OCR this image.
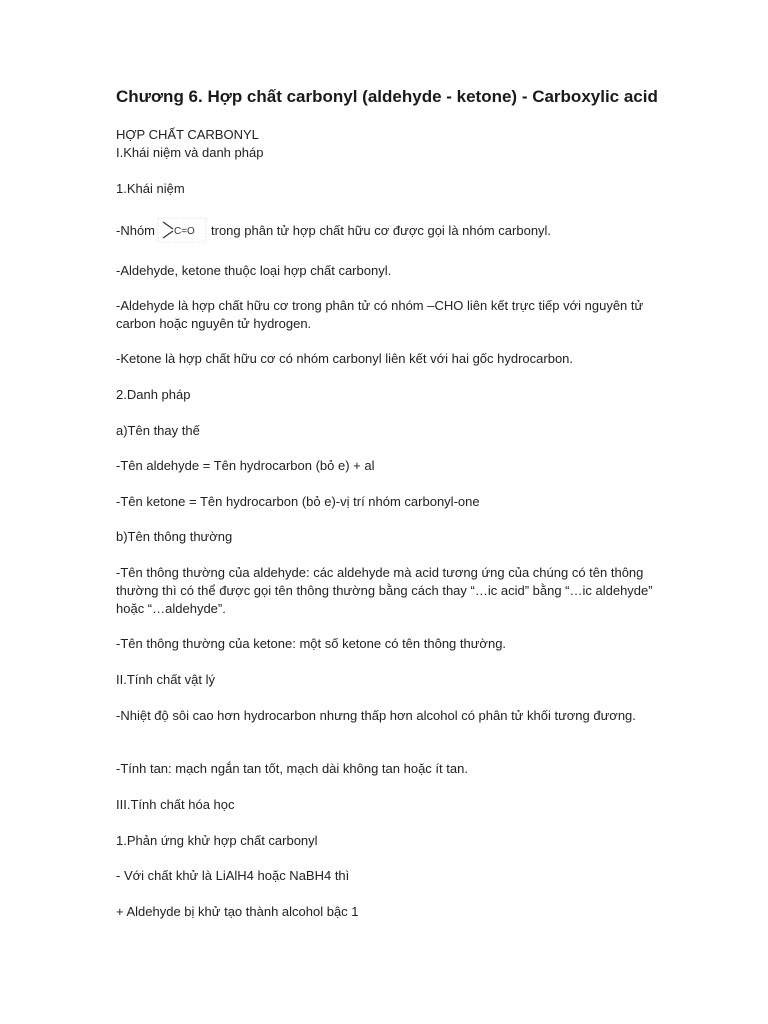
Chương 6. Hợp chất carbonyl (aldehyde - ketone) - Carboxylic acid
HỢP CHẤT CARBONYL
I.Khái niệm và danh pháp
1.Khái niệm
-Nhóm C=O trong phân tử hợp chất hữu cơ được gọi là nhóm carbonyl.
-Aldehyde, ketone thuộc loại hợp chất carbonyl.
-Aldehyde là hợp chất hữu cơ trong phân tử có nhóm –CHO liên kết trực tiếp với nguyên tử carbon hoặc nguyên tử hydrogen.
-Ketone là hợp chất hữu cơ có nhóm carbonyl liên kết với hai gốc hydrocarbon.
2.Danh pháp
a)Tên thay thế
-Tên aldehyde = Tên hydrocarbon (bỏ e) + al
-Tên ketone = Tên hydrocarbon (bỏ e)-vị trí nhóm carbonyl-one
b)Tên thông thường
-Tên thông thường của aldehyde: các aldehyde mà acid tương ứng của chúng có tên thông thường thì có thể được gọi tên thông thường bằng cách thay “…ic acid” bằng “…ic aldehyde” hoặc “…aldehyde”.
-Tên thông thường của ketone: một số ketone có tên thông thường.
II.Tính chất vật lý
-Nhiệt độ sôi cao hơn hydrocarbon nhưng thấp hơn alcohol có phân tử khối tương đương.
-Tính tan: mạch ngắn tan tốt, mạch dài không tan hoặc ít tan.
III.Tính chất hóa học
1.Phản ứng khử hợp chất carbonyl
- Với chất khử là LiAlH4 hoặc NaBH4 thì
+ Aldehyde bị khử tạo thành alcohol bậc 1
